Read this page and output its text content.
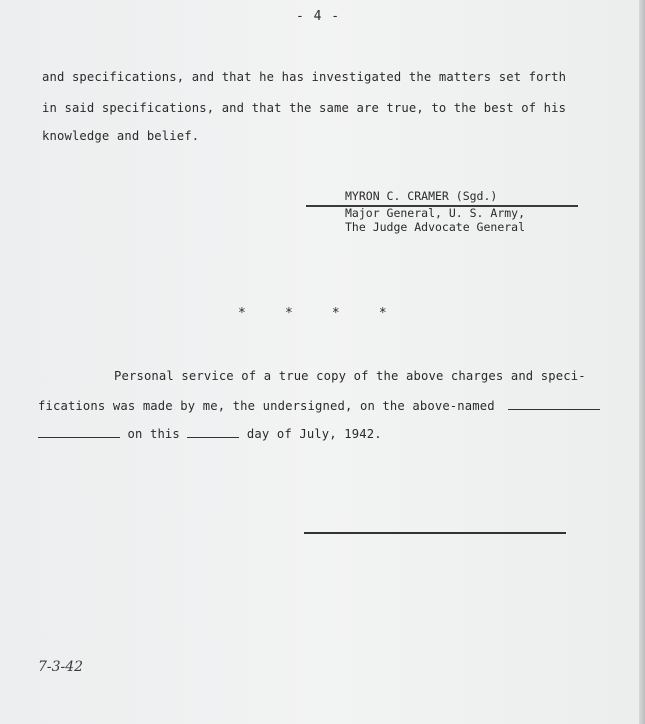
- 4 -
and specifications, and that he has investigated the matters set forth
in said specifications, and that the same are true, to the best of his
knowledge and belief.
MYRON C. CRAMER (Sgd.)
Major General, U. S. Army,
The Judge Advocate General
*     *     *     *
Personal service of a true copy of the above charges and speci-
fications was made by me, the undersigned, on the above-named
on this	day of July, 1942.
7-3-42
